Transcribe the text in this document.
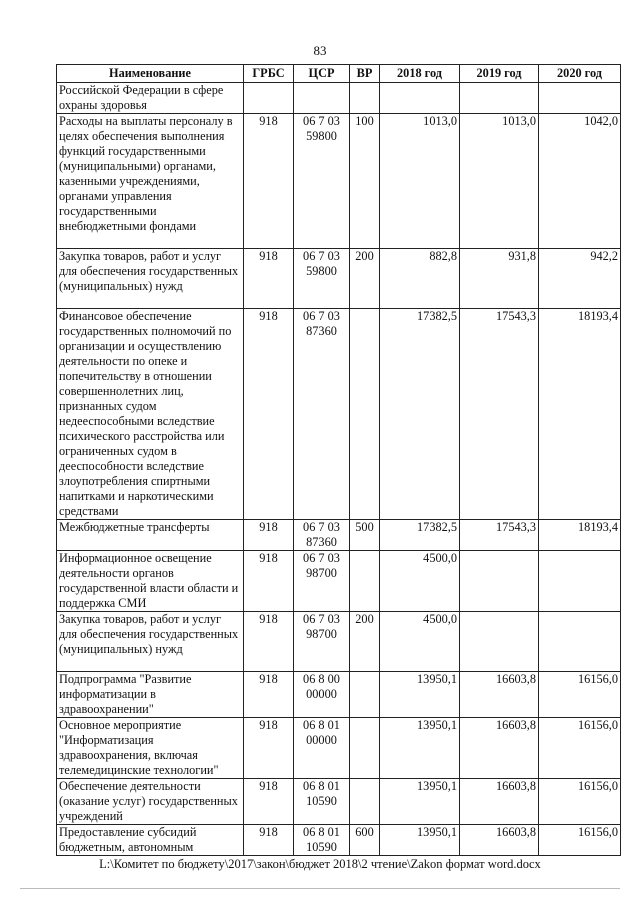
83
Наименование	ГРБС	ЦСР	ВР	2018 год	2019 год	2020 год
Российской Федерации в сфере охраны здоровья						
Расходы на выплаты персоналу в целях обеспечения выполнения функций государственными (муниципальными) органами, казенными учреждениями, органами управления государственными внебюджетными фондами	918	06 7 03 59800	100	1013,0	1013,0	1042,0
Закупка товаров, работ и услуг для обеспечения государственных (муниципальных) нужд	918	06 7 03 59800	200	882,8	931,8	942,2
Финансовое обеспечение государственных полномочий по организации и осуществлению деятельности по опеке и попечительству в отношении совершеннолетних лиц, признанных судом недееспособными вследствие психического расстройства или ограниченных судом в дееспособности вследствие злоупотребления спиртными напитками и наркотическими средствами	918	06 7 03 87360		17382,5	17543,3	18193,4
Межбюджетные трансферты	918	06 7 03 87360	500	17382,5	17543,3	18193,4
Информационное освещение деятельности органов государственной власти области и поддержка СМИ	918	06 7 03 98700		4500,0		
Закупка товаров, работ и услуг для обеспечения государственных (муниципальных) нужд	918	06 7 03 98700	200	4500,0		
Подпрограмма "Развитие информатизации в здравоохранении"	918	06 8 00 00000		13950,1	16603,8	16156,0
Основное мероприятие "Информатизация здравоохранения, включая телемедицинские технологии"	918	06 8 01 00000		13950,1	16603,8	16156,0
Обеспечение деятельности (оказание услуг) государственных учреждений	918	06 8 01 10590		13950,1	16603,8	16156,0
Предоставление субсидий бюджетным, автономным	918	06 8 01 10590	600	13950,1	16603,8	16156,0
L:\Комитет по бюджету\2017\закон\бюджет 2018\2 чтение\Zakon формат word.docx
